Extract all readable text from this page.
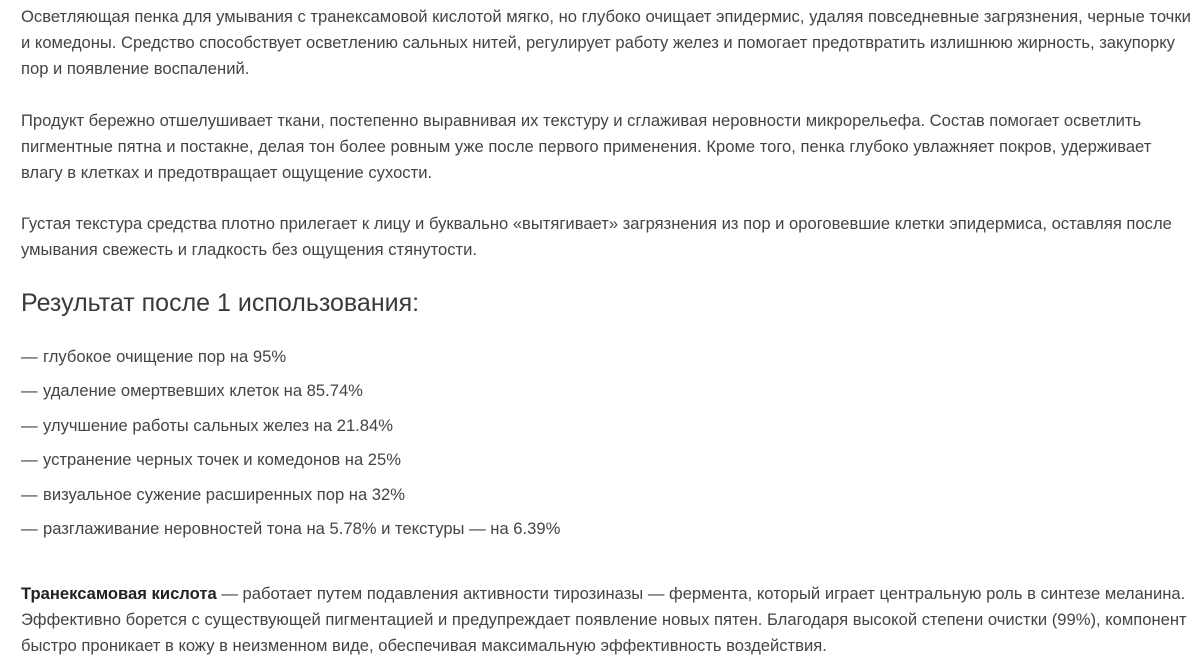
Осветляющая пенка для умывания с транексамовой кислотой мягко, но глубоко очищает эпидермис, удаляя повседневные загрязнения, черные точки и комедоны. Средство способствует осветлению сальных нитей, регулирует работу желез и помогает предотвратить излишнюю жирность, закупорку пор и появление воспалений.

Продукт бережно отшелушивает ткани, постепенно выравнивая их текстуру и сглаживая неровности микрорельефа. Состав помогает осветлить пигментные пятна и постакне, делая тон более ровным уже после первого применения. Кроме того, пенка глубоко увлажняет покров, удерживает влагу в клетках и предотвращает ощущение сухости.

Густая текстура средства плотно прилегает к лицу и буквально «вытягивает» загрязнения из пор и ороговевшие клетки эпидермиса, оставляя после умывания свежесть и гладкость без ощущения стянутости.

Результат после 1 использования:
— глубокое очищение пор на 95%
— удаление омертвевших клеток на 85.74%
— улучшение работы сальных желез на 21.84%
— устранение черных точек и комедонов на 25%
— визуальное сужение расширенных пор на 32%
— разглаживание неровностей тона на 5.78% и текстуры — на 6.39%

Транексамовая кислота — работает путем подавления активности тирозиназы — фермента, который играет центральную роль в синтезе меланина. Эффективно борется с существующей пигментацией и предупреждает появление новых пятен. Благодаря высокой степени очистки (99%), компонент быстро проникает в кожу в неизменном виде, обеспечивая максимальную эффективность воздействия.
